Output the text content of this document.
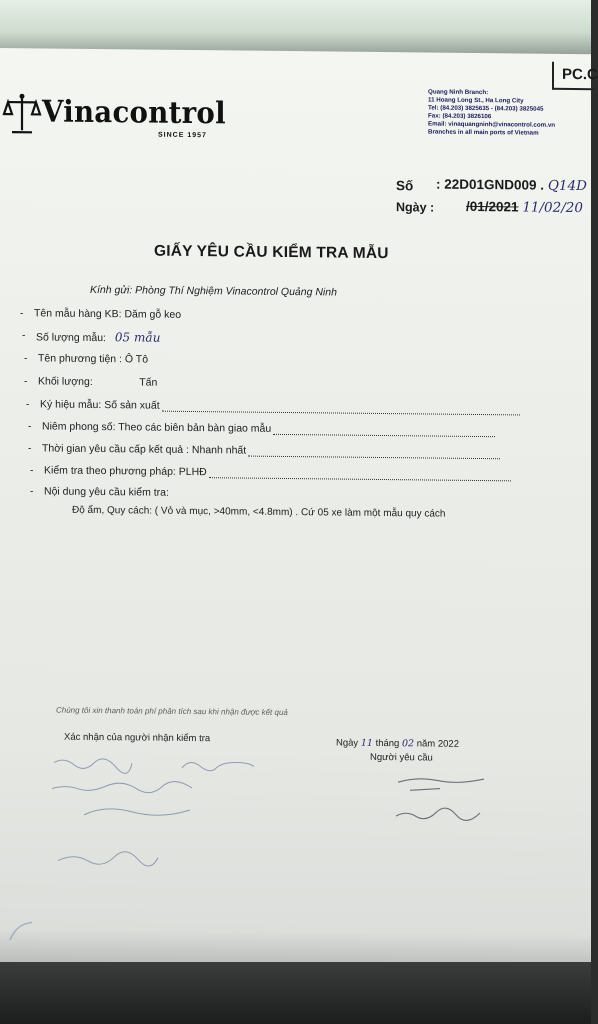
PC.C
Vinacontrol
SINCE 1957
Quang Ninh Branch:
11 Hoang Long St., Ha Long City
Tel: (84.203) 3825635 - (84.203) 3825045
Fax: (84.203) 3826106
Email: vinaquangninh@vinacontrol.com.vn
Branches in all main ports of Vietnam
Số : 22D01GND009 . Q14D
Ngày : /01/2021 11/02/20
GIẤY YÊU CẦU KIỂM TRA MẪU
Kính gửi: Phòng Thí Nghiệm Vinacontrol Quảng Ninh
- Tên mẫu hàng KB: Dăm gỗ keo
- Số lượng mẫu: 05 mẫu
- Tên phương tiện : Ô Tô
- Khối lượng:                Tấn
- Ký hiệu mẫu: Số sản xuất
- Niêm phong số: Theo các biên bản bàn giao mẫu
- Thời gian yêu cầu cấp kết quả : Nhanh nhất
- Kiểm tra theo phương pháp: PLHĐ
- Nội dung yêu cầu kiểm tra:
Độ ẩm, Quy cách: ( Vỏ và mục, >40mm, <4.8mm) . Cứ 05 xe làm một mẫu quy cách
Chúng tôi xin thanh toán phí phân tích sau khi nhận được kết quả
Xác nhận của người nhận kiểm tra	Ngày 11 tháng 02 năm 2022
Người yêu cầu
